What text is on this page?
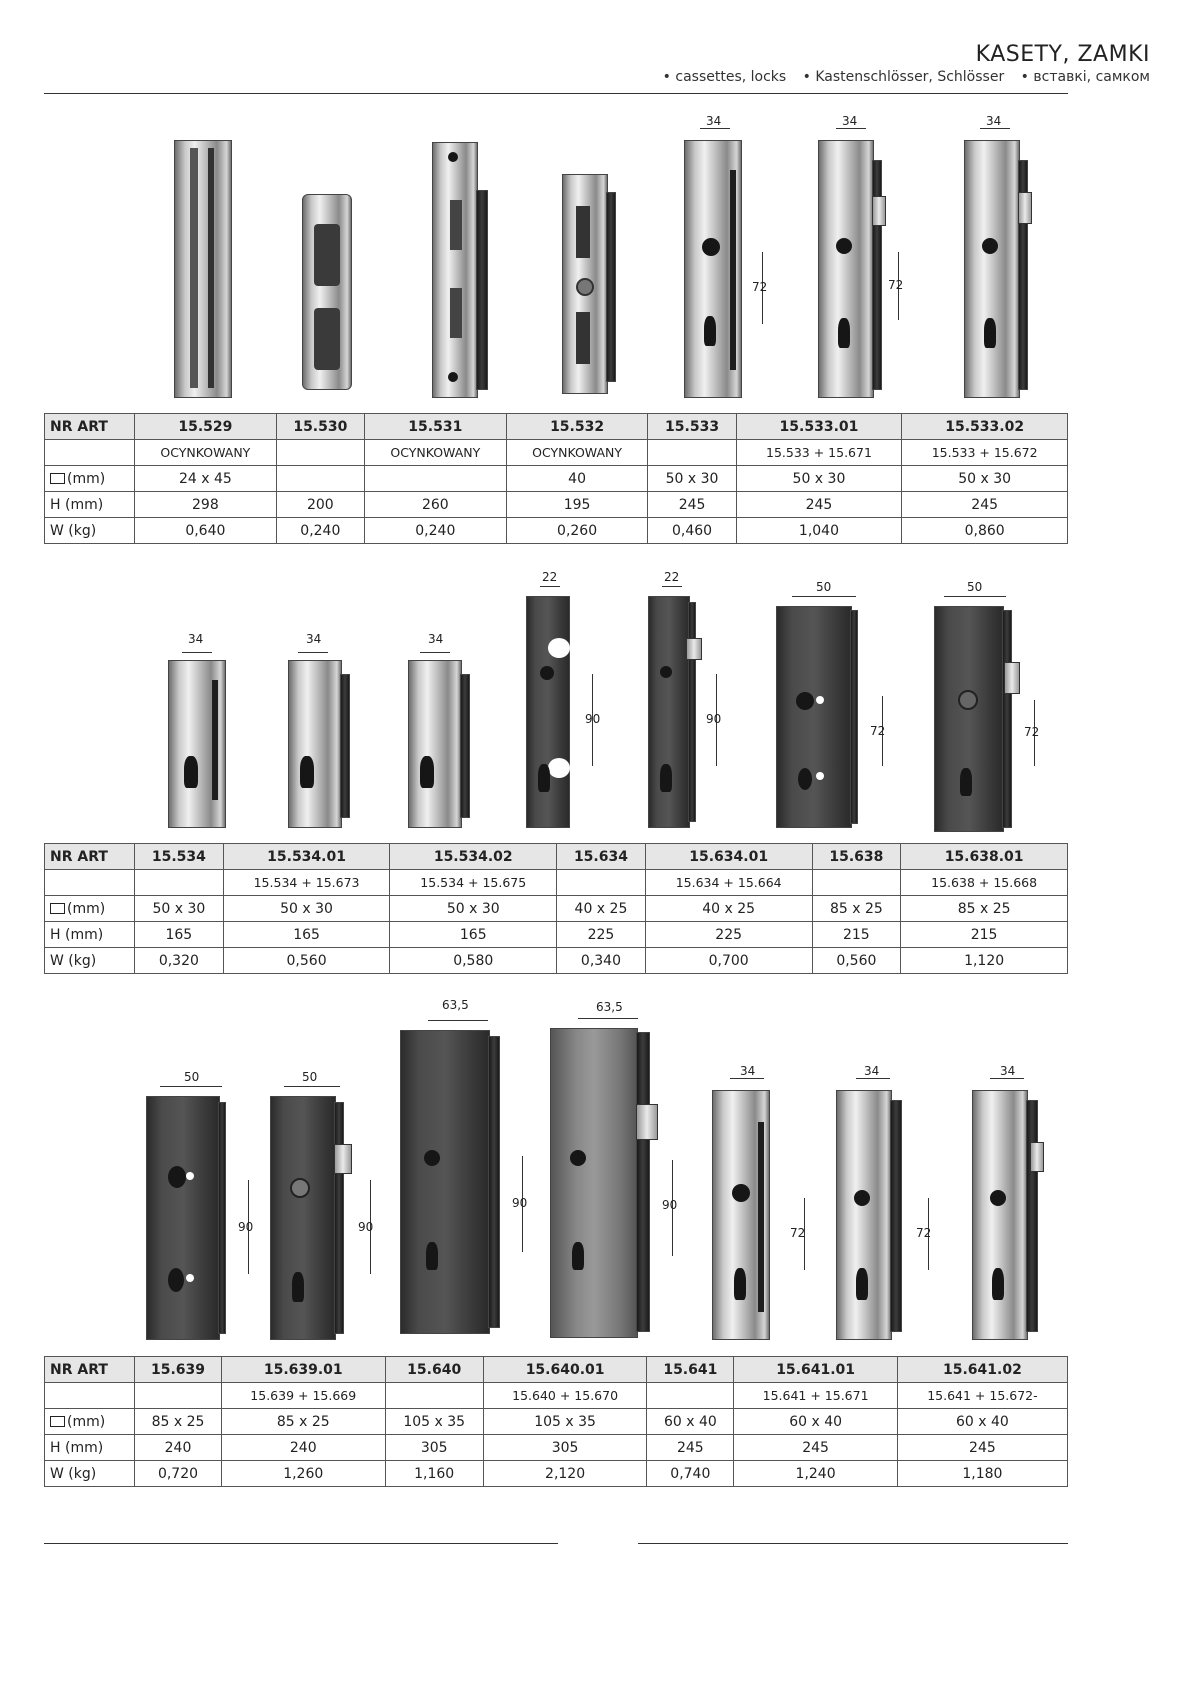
KASETY, ZAMKI
• cassettes, locks • Kastenschlösser, Schlösser • вставкі, самком
34
72
34
72
34
NR ART	15.529	15.530	15.531	15.532	15.533	15.533.01	15.533.02
	OCYNKOWANY		OCYNKOWANY	OCYNKOWANY		15.533 + 15.671	15.533 + 15.672
(mm)	24 x 45			40	50 x 30	50 x 30	50 x 30
H (mm)	298	200	260	195	245	245	245
W (kg)	0,640	0,240	0,240	0,260	0,460	1,040	0,860
34	34	34
22
90
22
90
50
72
50
72
NR ART	15.534	15.534.01	15.534.02	15.634	15.634.01	15.638	15.638.01
		15.534 + 15.673	15.534 + 15.675		15.634 + 15.664		15.638 + 15.668
(mm)	50 x 30	50 x 30	50 x 30	40 x 25	40 x 25	85 x 25	85 x 25
H (mm)	165	165	165	225	225	215	215
W (kg)	0,320	0,560	0,580	0,340	0,700	0,560	1,120
50
90
50
90
63,5
90
63,5
90
34
72
34
72
34
NR ART	15.639	15.639.01	15.640	15.640.01	15.641	15.641.01	15.641.02
		15.639 + 15.669		15.640 + 15.670		15.641 + 15.671	15.641 + 15.672-
(mm)	85 x 25	85 x 25	105 x 35	105 x 35	60 x 40	60 x 40	60 x 40
H (mm)	240	240	305	305	245	245	245
W (kg)	0,720	1,260	1,160	2,120	0,740	1,240	1,180
